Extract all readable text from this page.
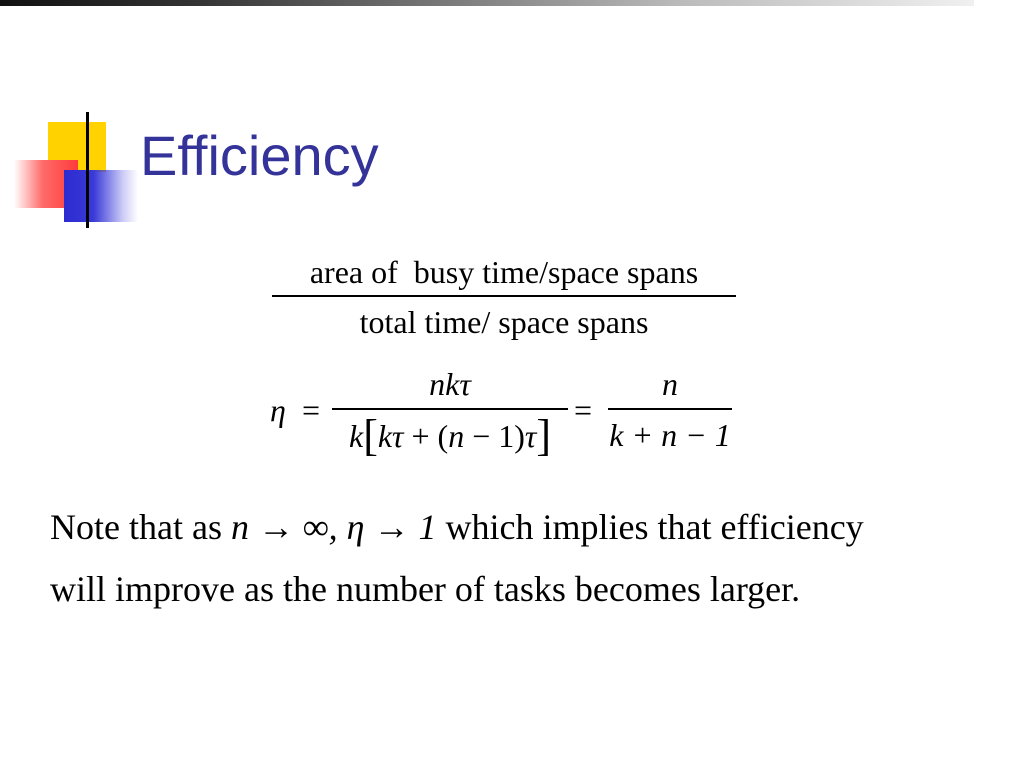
Efficiency
area of  busy time/space spans
total time/ space spans
η =
nkτ
k[kτ + (n − 1)τ]
=
n
k + n − 1
Note that as n → ∞, η → 1 which implies that efficiency
will improve as the number of tasks becomes larger.
